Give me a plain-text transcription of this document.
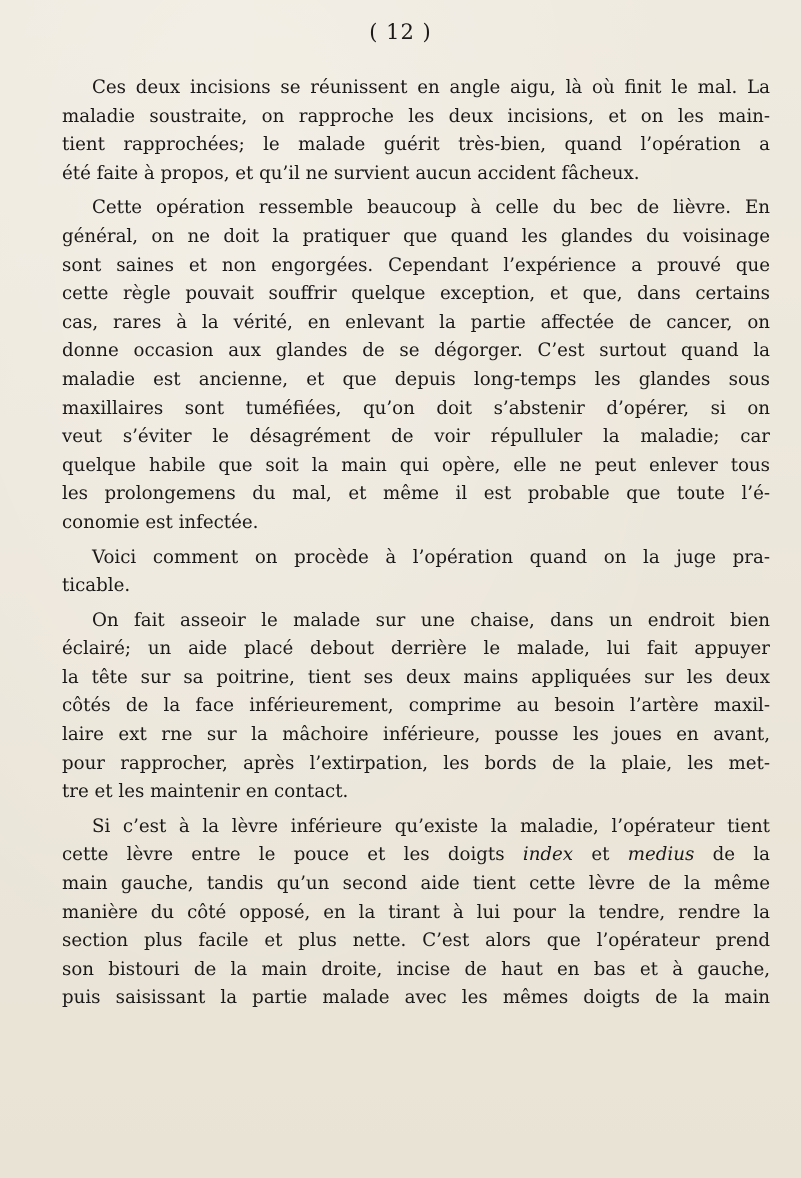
( 12 )
Ces deux incisions se réunissent en angle aigu, là où finit le mal. La
maladie soustraite, on rapproche les deux incisions, et on les main-
tient rapprochées; le malade guérit très-bien, quand l’opération a
été faite à propos, et qu’il ne survient aucun accident fâcheux.
Cette opération ressemble beaucoup à celle du bec de lièvre. En
général, on ne doit la pratiquer que quand les glandes du voisinage
sont saines et non engorgées. Cependant l’expérience a prouvé que
cette règle pouvait souffrir quelque exception, et que, dans certains
cas, rares à la vérité, en enlevant la partie affectée de cancer, on
donne occasion aux glandes de se dégorger. C’est surtout quand la
maladie est ancienne, et que depuis long-temps les glandes sous
maxillaires sont tuméfiées, qu’on doit s’abstenir d’opérer, si on
veut s’éviter le désagrément de voir répulluler la maladie; car
quelque habile que soit la main qui opère, elle ne peut enlever tous
les prolongemens du mal, et même il est probable que toute l’é-
conomie est infectée.
Voici comment on procède à l’opération quand on la juge pra-
ticable.
On fait asseoir le malade sur une chaise, dans un endroit bien
éclairé; un aide placé debout derrière le malade, lui fait appuyer
la tête sur sa poitrine, tient ses deux mains appliquées sur les deux
côtés de la face inférieurement, comprime au besoin l’artère maxil-
laire ext rne sur la mâchoire inférieure, pousse les joues en avant,
pour rapprocher, après l’extirpation, les bords de la plaie, les met-
tre et les maintenir en contact.
Si c’est à la lèvre inférieure qu’existe la maladie, l’opérateur tient
cette lèvre entre le pouce et les doigts index et medius de la
main gauche, tandis qu’un second aide tient cette lèvre de la même
manière du côté opposé, en la tirant à lui pour la tendre, rendre la
section plus facile et plus nette. C’est alors que l’opérateur prend
son bistouri de la main droite, incise de haut en bas et à gauche,
puis saisissant la partie malade avec les mêmes doigts de la main
